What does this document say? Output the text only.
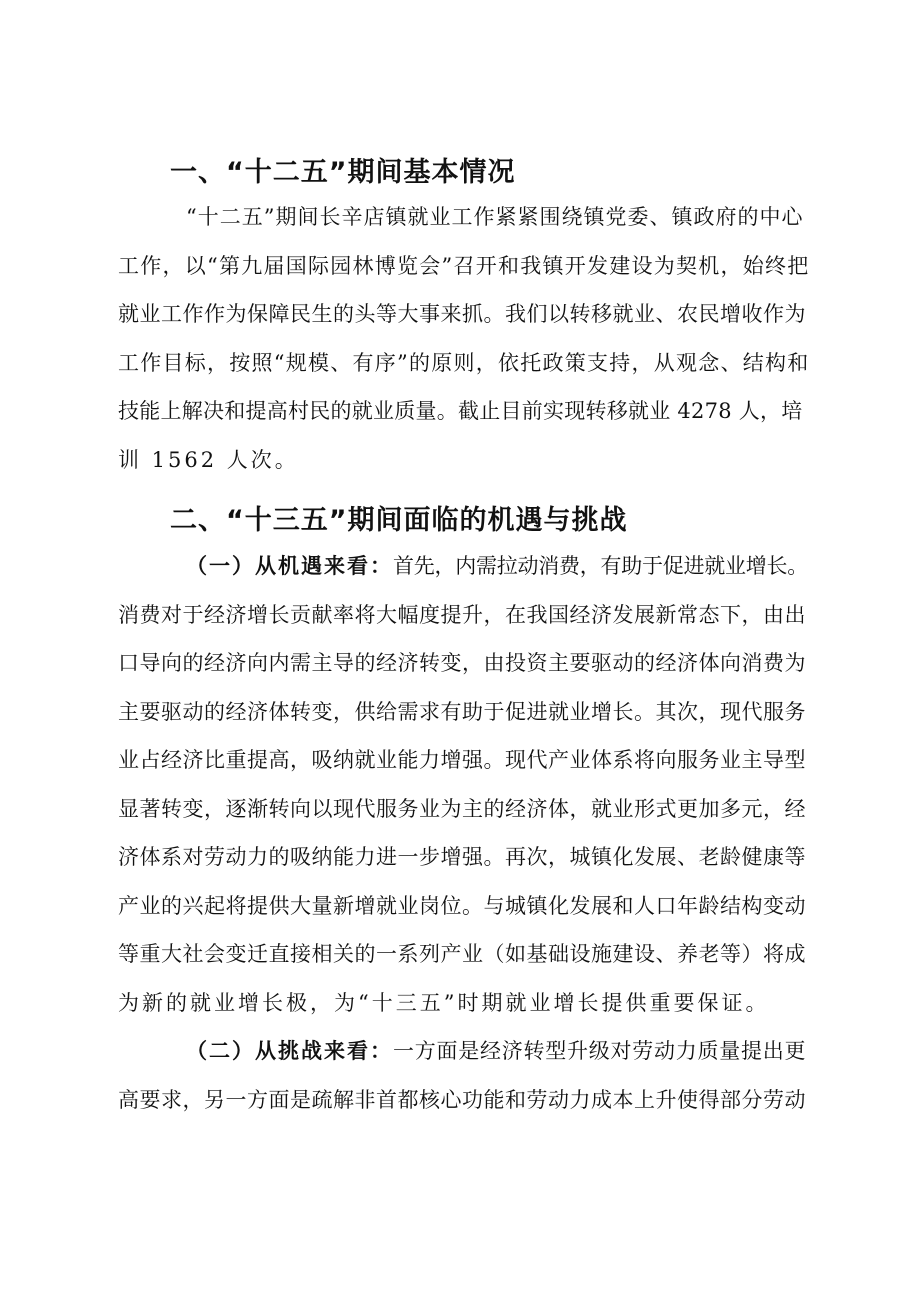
一、“十二五”期间基本情况
“十二五”期间长辛店镇就业工作紧紧围绕镇党委、镇政府的中心
工作，以“第九届国际园林博览会”召开和我镇开发建设为契机，始终把
就业工作作为保障民生的头等大事来抓。我们以转移就业、农民增收作为
工作目标，按照“规模、有序”的原则，依托政策支持，从观念、结构和
技能上解决和提高村民的就业质量。截止目前实现转移就业 4278 人，培
训 1562 人次。
二、“十三五”期间面临的机遇与挑战
（一）从机遇来看：首先，内需拉动消费，有助于促进就业增长。
消费对于经济增长贡献率将大幅度提升，在我国经济发展新常态下，由出
口导向的经济向内需主导的经济转变，由投资主要驱动的经济体向消费为
主要驱动的经济体转变，供给需求有助于促进就业增长。其次，现代服务
业占经济比重提高，吸纳就业能力增强。现代产业体系将向服务业主导型
显著转变，逐渐转向以现代服务业为主的经济体，就业形式更加多元，经
济体系对劳动力的吸纳能力进一步增强。再次，城镇化发展、老龄健康等
产业的兴起将提供大量新增就业岗位。与城镇化发展和人口年龄结构变动
等重大社会变迁直接相关的一系列产业（如基础设施建设、养老等）将成
为新的就业增长极，为“十三五”时期就业增长提供重要保证。
（二）从挑战来看：一方面是经济转型升级对劳动力质量提出更
高要求，另一方面是疏解非首都核心功能和劳动力成本上升使得部分劳动
